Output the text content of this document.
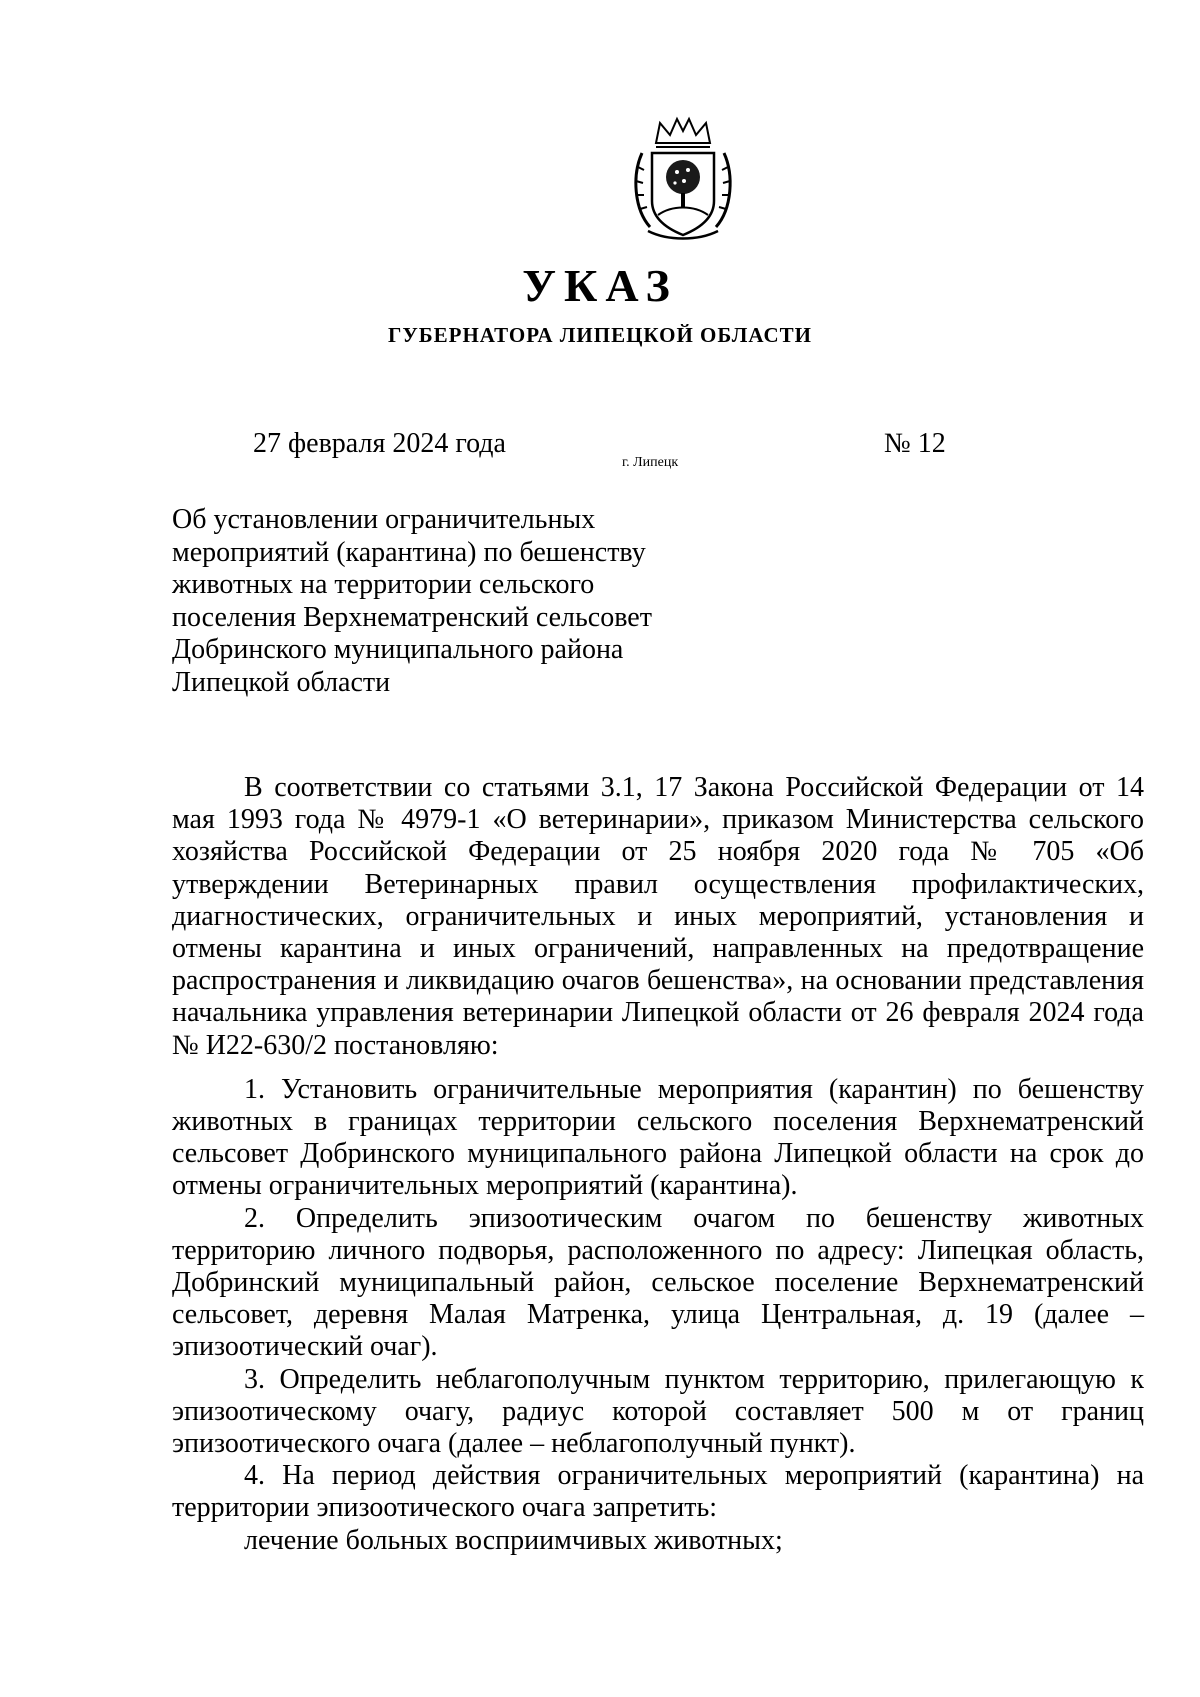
УКАЗ
ГУБЕРНАТОРА ЛИПЕЦКОЙ ОБЛАСТИ
27 февраля 2024 года
г. Липецк
№ 12
Об установлении ограничительных
мероприятий (карантина) по бешенству
животных на территории сельского
поселения Верхнематренский сельсовет
Добринского муниципального района
Липецкой области

В соответствии со статьями 3.1, 17 Закона Российской Федерации от 14 мая 1993 года № 4979-1 «О ветеринарии», приказом Министерства сельского хозяйства Российской Федерации от 25 ноября 2020 года № 705 «Об утверждении Ветеринарных правил осуществления профилактических, диагностических, ограничительных и иных мероприятий, установления и отмены карантина и иных ограничений, направленных на предотвращение распространения и ликвидацию очагов бешенства», на основании представления начальника управления ветеринарии Липецкой области от 26 февраля 2024 года № И22-630/2 постановляю:

1. Установить ограничительные мероприятия (карантин) по бешенству животных в границах территории сельского поселения Верхнематренский сельсовет Добринского муниципального района Липецкой области на срок до отмены ограничительных мероприятий (карантина).

2. Определить эпизоотическим очагом по бешенству животных территорию личного подворья, расположенного по адресу: Липецкая область, Добринский муниципальный район, сельское поселение Верхнематренский сельсовет, деревня Малая Матренка, улица Центральная, д. 19 (далее – эпизоотический очаг).

3. Определить неблагополучным пунктом территорию, прилегающую к эпизоотическому очагу, радиус которой составляет 500 м от границ эпизоотического очага (далее – неблагополучный пункт).

4. На период действия ограничительных мероприятий (карантина) на территории эпизоотического очага запретить:

лечение больных восприимчивых животных;
